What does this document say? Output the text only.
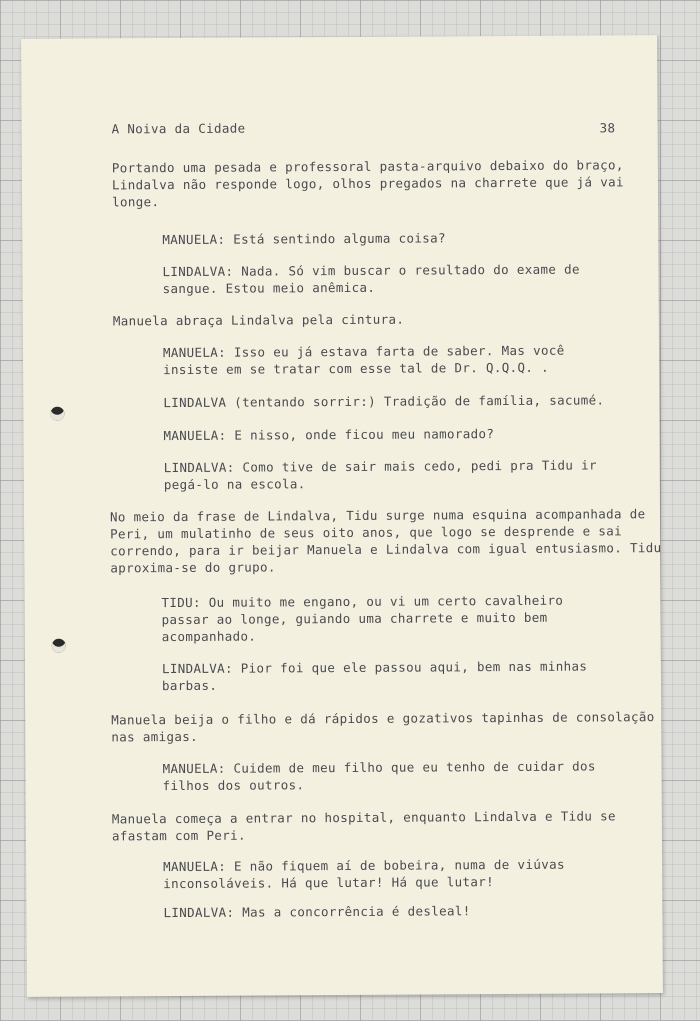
A Noiva da Cidade	38
Portando uma pesada e professoral pasta-arquivo debaixo do braço,
Lindalva não responde logo, olhos pregados na charrete que já vai
longe.
MANUELA: Está sentindo alguma coisa?
LINDALVA: Nada. Só vim buscar o resultado do exame de
sangue. Estou meio anêmica.
Manuela abraça Lindalva pela cintura.
MANUELA: Isso eu já estava farta de saber. Mas você
insiste em se tratar com esse tal de Dr. Q.Q.Q. .
LINDALVA (tentando sorrir:) Tradição de família, sacumé.
MANUELA: E nisso, onde ficou meu namorado?
LINDALVA: Como tive de sair mais cedo, pedi pra Tidu ir
pegá-lo na escola.
No meio da frase de Lindalva, Tidu surge numa esquina acompanhada de
Peri, um mulatinho de seus oito anos, que logo se desprende e sai
correndo, para ir beijar Manuela e Lindalva com igual entusiasmo. Tidu
aproxima-se do grupo.
TIDU: Ou muito me engano, ou vi um certo cavalheiro
passar ao longe, guiando uma charrete e muito bem
acompanhado.
LINDALVA: Pior foi que ele passou aqui, bem nas minhas
barbas.
Manuela beija o filho e dá rápidos e gozativos tapinhas de consolação
nas amigas.
MANUELA: Cuidem de meu filho que eu tenho de cuidar dos
filhos dos outros.
Manuela começa a entrar no hospital, enquanto Lindalva e Tidu se
afastam com Peri.
MANUELA: E não fiquem aí de bobeira, numa de viúvas
inconsoláveis. Há que lutar! Há que lutar!
LINDALVA: Mas a concorrência é desleal!
